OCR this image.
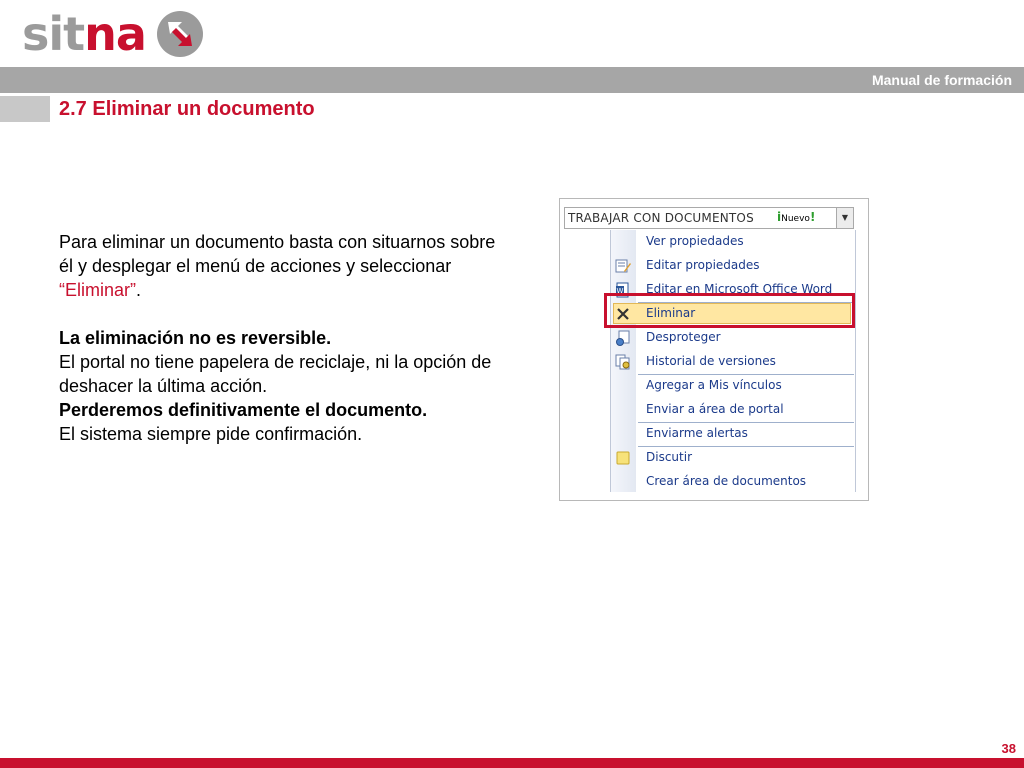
sitna
Manual de formación
2.7 Eliminar un documento

Para eliminar un documento basta con situarnos sobre él y desplegar el menú de acciones y seleccionar “Eliminar”.

La eliminación no es reversible.

El portal no tiene papelera de reciclaje, ni la opción de deshacer la última acción.

Perderemos definitivamente el documento.

El sistema siempre pide confirmación.

TRABAJAR CON DOCUMENTOS iNuevo!	▼
Ver propiedades
Editar propiedades
W Editar en Microsoft Office Word
Eliminar
Desproteger
Historial de versiones
Agregar a Mis vínculos
Enviar a área de portal
Enviarme alertas
Discutir
Crear área de documentos
38
